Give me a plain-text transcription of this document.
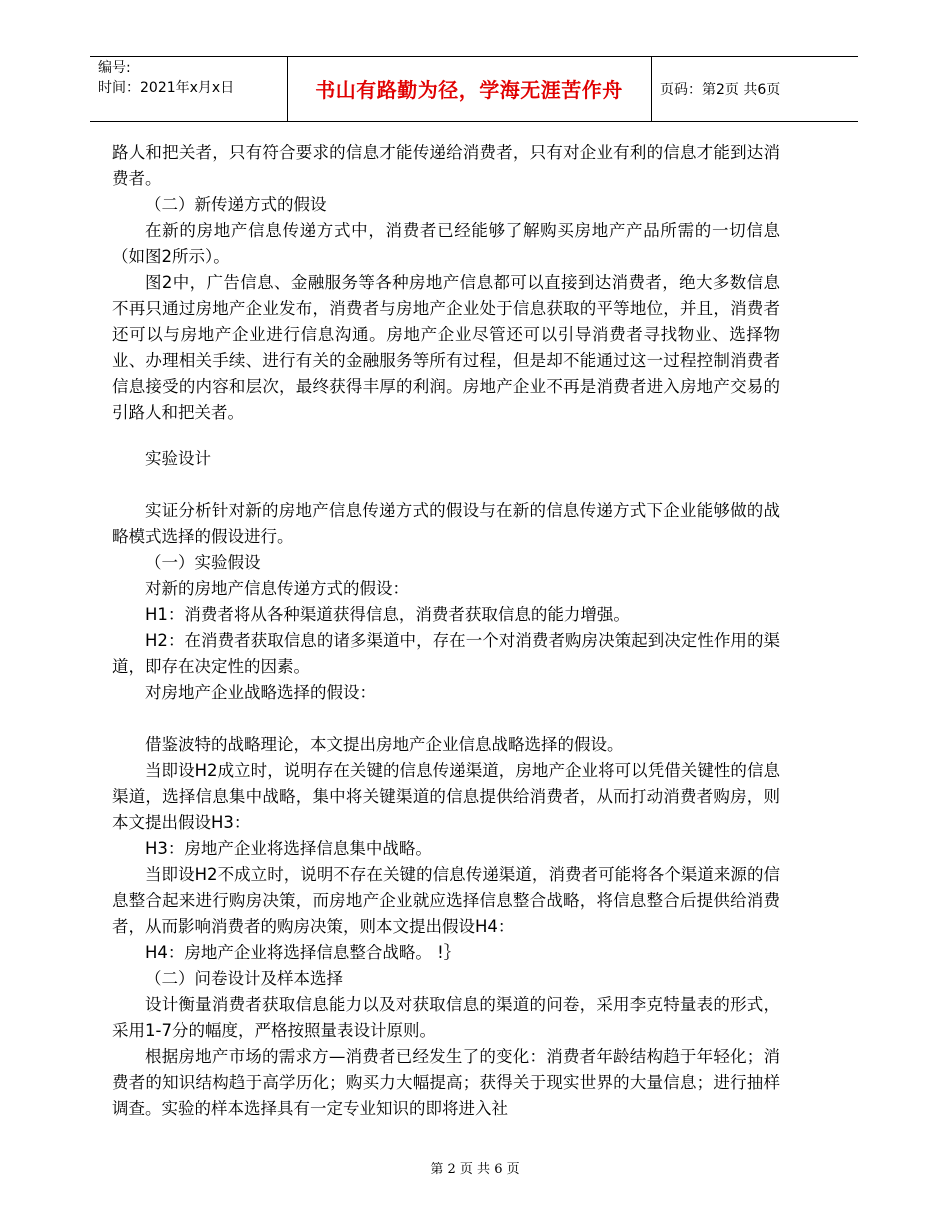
编号:
时间：2021年x月x日	书山有路勤为径，学海无涯苦作舟	页码：第2页 共6页

路人和把关者，只有符合要求的信息才能传递给消费者，只有对企业有利的信息才能到达消费者。

（二）新传递方式的假设

在新的房地产信息传递方式中，消费者已经能够了解购买房地产产品所需的一切信息（如图2所示）。

图2中，广告信息、金融服务等各种房地产信息都可以直接到达消费者，绝大多数信息不再只通过房地产企业发布，消费者与房地产企业处于信息获取的平等地位，并且，消费者还可以与房地产企业进行信息沟通。房地产企业尽管还可以引导消费者寻找物业、选择物业、办理相关手续、进行有关的金融服务等所有过程，但是却不能通过这一过程控制消费者信息接受的内容和层次，最终获得丰厚的利润。房地产企业不再是消费者进入房地产交易的引路人和把关者。

实验设计

实证分析针对新的房地产信息传递方式的假设与在新的信息传递方式下企业能够做的战略模式选择的假设进行。

（一）实验假设

对新的房地产信息传递方式的假设：

H1：消费者将从各种渠道获得信息，消费者获取信息的能力增强。

H2：在消费者获取信息的诸多渠道中，存在一个对消费者购房决策起到决定性作用的渠道，即存在决定性的因素。

对房地产企业战略选择的假设：

借鉴波特的战略理论，本文提出房地产企业信息战略选择的假设。

当即设H2成立时，说明存在关键的信息传递渠道，房地产企业将可以凭借关键性的信息渠道，选择信息集中战略，集中将关键渠道的信息提供给消费者，从而打动消费者购房，则本文提出假设H3：

H3：房地产企业将选择信息集中战略。

当即设H2不成立时，说明不存在关键的信息传递渠道，消费者可能将各个渠道来源的信息整合起来进行购房决策，而房地产企业就应选择信息整合战略，将信息整合后提供给消费者，从而影响消费者的购房决策，则本文提出假设H4：

H4：房地产企业将选择信息整合战略。 !｝

（二）问卷设计及样本选择

设计衡量消费者获取信息能力以及对获取信息的渠道的问卷，采用李克特量表的形式，采用1-7分的幅度，严格按照量表设计原则。

根据房地产市场的需求方—消费者已经发生了的变化：消费者年龄结构趋于年轻化；消费者的知识结构趋于高学历化；购买力大幅提高；获得关于现实世界的大量信息；进行抽样调查。实验的样本选择具有一定专业知识的即将进入社

第 2 页 共 6 页
